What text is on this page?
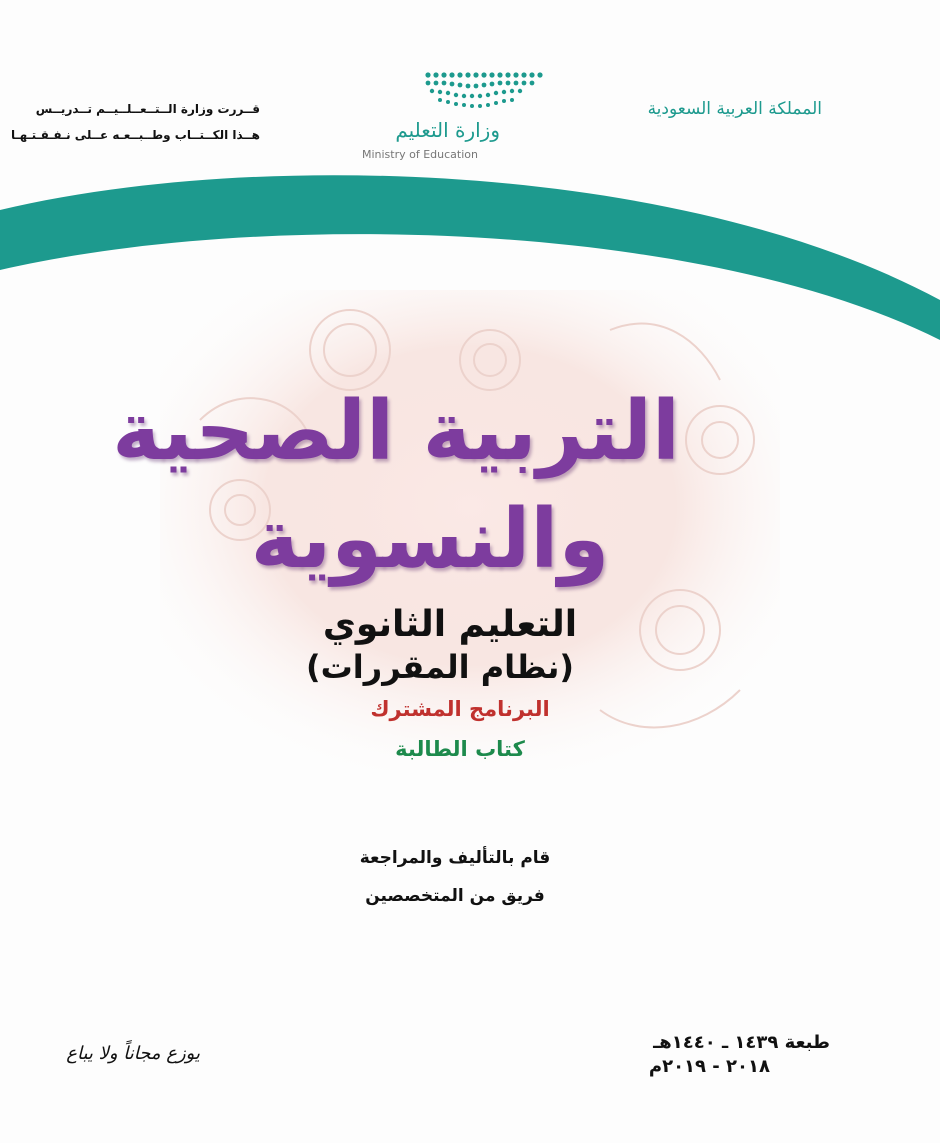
المملكة العربية السعودية
قــررت وزارة الــتــعــلــيــم تــدريــس
هــذا الكــتــاب وطــبــعـه عــلى نـفـقـتـهـا	وزارة التعليم
Ministry of Education
التربية الصحية
والنسوية
التعليم الثانوي
(نظام المقررات)
البرنامج المشترك
كتاب الطالبة
قام بالتأليف والمراجعة
فريق من المتخصصين
طبعة ١٤٣٩ ـ ١٤٤٠هـ
٢٠١٨ - ٢٠١٩م
يوزع مجاناً ولا يباع
